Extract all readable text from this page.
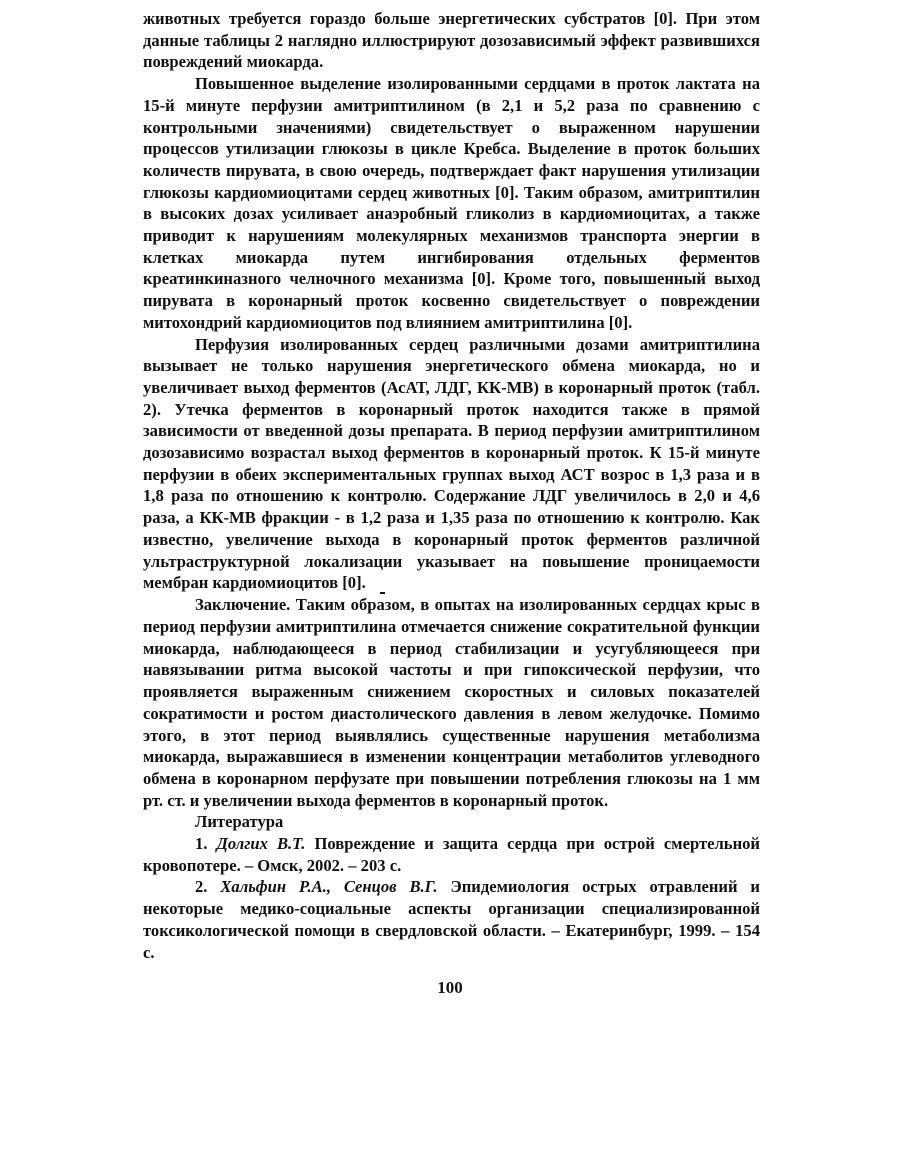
животных требуется гораздо больше энергетических субстратов [0]. При этом данные таблицы 2 наглядно иллюстрируют дозозависимый эффект развившихся повреждений миокарда.

Повышенное выделение изолированными сердцами в проток лактата на 15-й минуте перфузии амитриптилином (в 2,1 и 5,2 раза по сравнению с контрольными значениями) свидетельствует о выраженном нарушении процессов утилизации глюкозы в цикле Кребса. Выделение в проток больших количеств пирувата, в свою очередь, подтверждает факт нарушения утилизации глюкозы кардиомиоцитами сердец животных [0]. Таким образом, амитриптилин в высоких дозах усиливает анаэробный гликолиз в кардиомиоцитах, а также приводит к нарушениям молекулярных механизмов транспорта энергии в клетках миокарда путем ингибирования отдельных ферментов креатинкиназного челночного механизма [0]. Кроме того, повышенный выход пирувата в коронарный проток косвенно свидетельствует о повреждении митохондрий кардиомиоцитов под влиянием амитриптилина [0].

Перфузия изолированных сердец различными дозами амитриптилина вызывает не только нарушения энергетического обмена миокарда, но и увеличивает выход ферментов (АсАТ, ЛДГ, КК-МВ) в коронарный проток (табл. 2). Утечка ферментов в коронарный проток находится также в прямой зависимости от введенной дозы препарата. В период перфузии амитриптилином дозозависимо возрастал выход ферментов в коронарный проток. К 15-й минуте перфузии в обеих экспериментальных группах выход АСТ возрос в 1,3 раза и в 1,8 раза по отношению к контролю. Содержание ЛДГ увеличилось в 2,0 и 4,6 раза, а КК-МВ фракции - в 1,2 раза и 1,35 раза по отношению к контролю. Как известно, увеличение выхода в коронарный проток ферментов различной ультраструктурной локализации указывает на повышение проницаемости мембран кардиомиоцитов [0].

Заключение. Таким образом, в опытах на изолированных сердцах крыс в период перфузии амитриптилина отмечается снижение сократительной функции миокарда, наблюдающееся в период стабилизации и усугубляющееся при навязывании ритма высокой частоты и при гипоксической перфузии, что проявляется выраженным снижением скоростных и силовых показателей сократимости и ростом диастолического давления в левом желудочке. Помимо этого, в этот период выявлялись существенные нарушения метаболизма миокарда, выражавшиеся в изменении концентрации метаболитов углеводного обмена в коронарном перфузате при повышении потребления глюкозы на 1 мм рт. ст. и увеличении выхода ферментов в коронарный проток.

Литература

1. Долгих В.Т. Повреждение и защита сердца при острой смертельной кровопотере. – Омск, 2002. – 203 с.

2. Хальфин Р.А., Сенцов В.Г. Эпидемиология острых отравлений и некоторые медико-социальные аспекты организации специализированной токсикологической помощи в свердловской области. – Екатеринбург, 1999. – 154 с.

100
